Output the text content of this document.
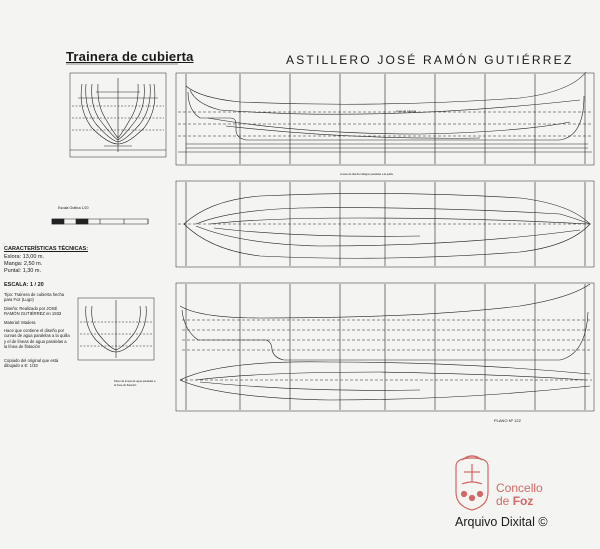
Trainera de cubierta	ASTILLERO JOSÉ RAMÓN GUTIÉRREZ
Línea de cubierta
Líneas de diseño tráfagos paralelas a la quilla
Plano de líneas de agua paralelas a la línea de flotación
Escala Gráfica 1/20
CARACTERÍSTICAS TÉCNICAS:
Eslora: 13,00 m.
Manga: 2,50 m.
Puntal: 1,30 m.
ESCALA: 1 / 20
Tipo: Trainera de cubierta hecha para Foz (Lugo)
Diseño: Realizado por JOSÉ RAMÓN GUTIÉRREZ en 1933
Material: Madera
Hace que contiene el diseño por curvas de agua paralelas a la quilla y el de líneas de agua paralelas a la línea de flotación
Copiado del original que está dibujado a E: 1/33
PLANO Nº 122
Concello
de Foz
Arquivo Dixital ©
